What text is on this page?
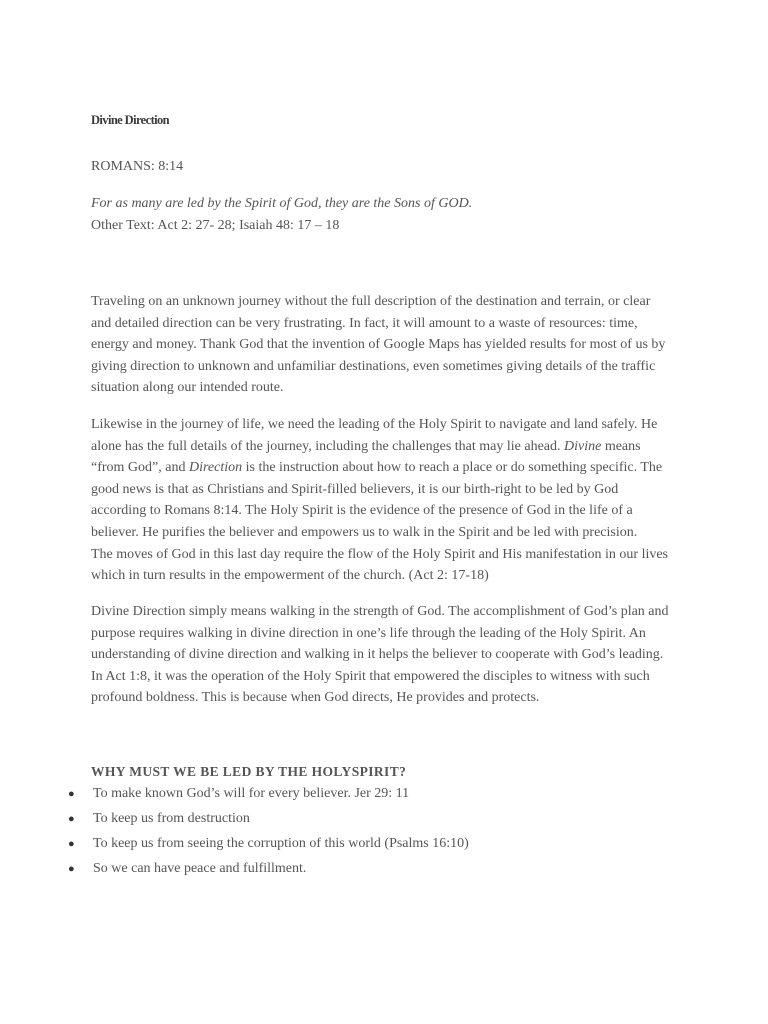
Divine Direction

ROMANS: 8:14

For as many are led by the Spirit of God, they are the Sons of GOD.

Other Text: Act 2: 27- 28; Isaiah 48: 17 – 18

Traveling on an unknown journey without the full description of the destination and terrain, or clear
and detailed direction can be very frustrating. In fact, it will amount to a waste of resources: time,
energy and money. Thank God that the invention of Google Maps has yielded results for most of us by
giving direction to unknown and unfamiliar destinations, even sometimes giving details of the traffic
situation along our intended route.

Likewise in the journey of life, we need the leading of the Holy Spirit to navigate and land safely. He
alone has the full details of the journey, including the challenges that may lie ahead. Divine means
“from God”, and Direction is the instruction about how to reach a place or do something specific. The
good news is that as Christians and Spirit-filled believers, it is our birth-right to be led by God
according to Romans 8:14. The Holy Spirit is the evidence of the presence of God in the life of a
believer. He purifies the believer and empowers us to walk in the Spirit and be led with precision.
The moves of God in this last day require the flow of the Holy Spirit and His manifestation in our lives
which in turn results in the empowerment of the church. (Act 2: 17-18)

Divine Direction simply means walking in the strength of God. The accomplishment of God’s plan and
purpose requires walking in divine direction in one’s life through the leading of the Holy Spirit. An
understanding of divine direction and walking in it helps the believer to cooperate with God’s leading.
In Act 1:8, it was the operation of the Holy Spirit that empowered the disciples to witness with such
profound boldness. This is because when God directs, He provides and protects.

WHY MUST WE BE LED BY THE HOLYSPIRIT?
● To make known God’s will for every believer. Jer 29: 11
● To keep us from destruction
● To keep us from seeing the corruption of this world (Psalms 16:10)
● So we can have peace and fulfillment.
